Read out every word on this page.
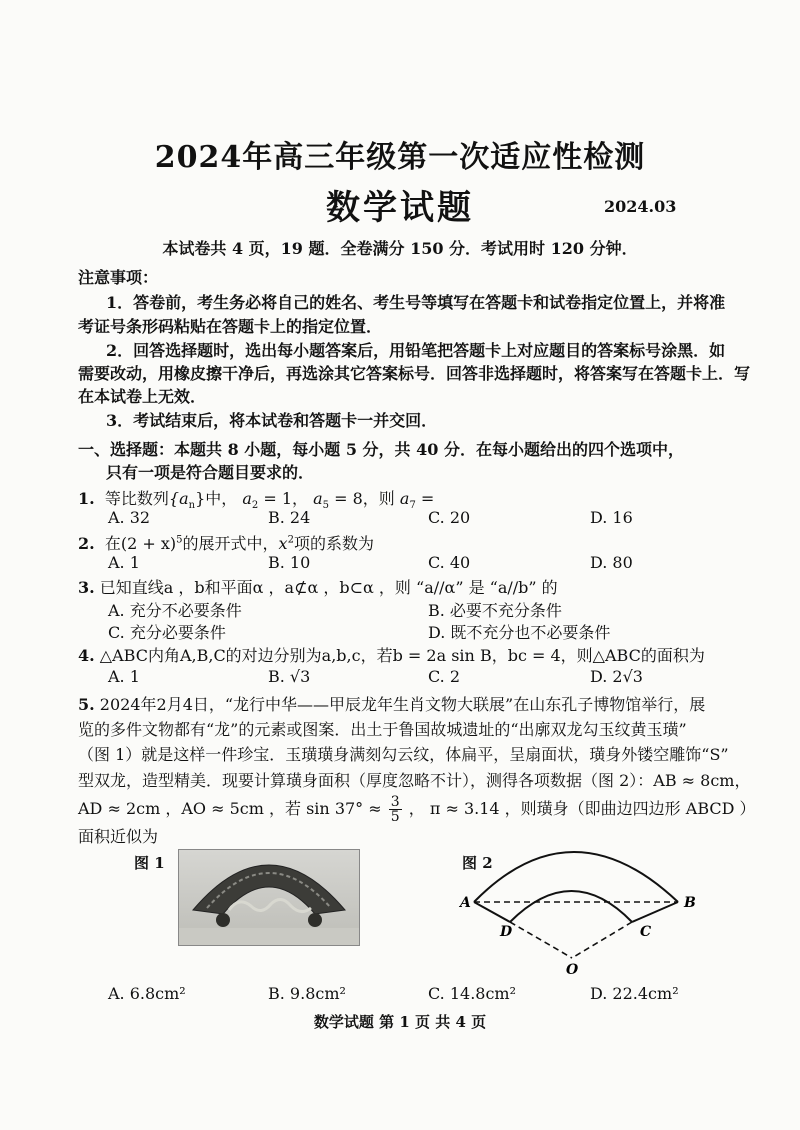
2024年高三年级第一次适应性检测
数学试题	2024.03
本试卷共 4 页，19 题．全卷满分 150 分．考试用时 120 分钟．
注意事项：
1．答卷前，考生务必将自己的姓名、考生号等填写在答题卡和试卷指定位置上，并将准
考证号条形码粘贴在答题卡上的指定位置．
2．回答选择题时，选出每小题答案后，用铅笔把答题卡上对应题目的答案标号涂黑．如
需要改动，用橡皮擦干净后，再选涂其它答案标号．回答非选择题时，将答案写在答题卡上．写
在本试卷上无效．
3．考试结束后，将本试卷和答题卡一并交回．
一、选择题：本题共 8 小题，每小题 5 分，共 40 分．在每小题给出的四个选项中，
只有一项是符合题目要求的．
1. 等比数列$\{a_n\}$中， $a_2 = 1$， $a_5 = 8$，则 $a_7$ =
A. 32	B. 24	C. 20	D. 16
2. 在$(2 + x)^5$的展开式中，$x^2$项的系数为
A. 1	B. 10	C. 40	D. 80
3. 已知直线a ，b和平面α ，a⊄α ，b⊂α ，则 “a//α” 是 “a//b” 的
A. 充分不必要条件	B. 必要不充分条件
C. 充分必要条件	D. 既不充分也不必要条件
4. △ABC内角A,B,C的对边分别为a,b,c，若b = 2a sin B，bc = 4，则△ABC的面积为
A. 1	B. √3	C. 2	D. 2√3
5. 2024年2月4日，“龙行中华——甲辰龙年生肖文物大联展”在山东孔子博物馆举行，展
览的多件文物都有“龙”的元素或图案．出土于鲁国故城遗址的“出廓双龙勾玉纹黄玉璜”
（图 1）就是这样一件珍宝．玉璜璜身满刻勾云纹，体扁平，呈扇面状，璜身外镂空雕饰“S”
型双龙，造型精美．现要计算璜身面积（厚度忽略不计），测得各项数据（图 2）：AB ≈ 8cm，
AD ≈ 2cm ，AO ≈ 5cm ，若 $\sin 37^\circ \approx \frac{3}{5}$ ， π ≈ 3.14 ，则璜身（即曲边四边形 ABCD ）
面积近似为
图 1	图 2
A	B
C
D
O
A. 6.8cm²	B. 9.8cm²	C. 14.8cm²	D. 22.4cm²
数学试题 第 1 页 共 4 页
